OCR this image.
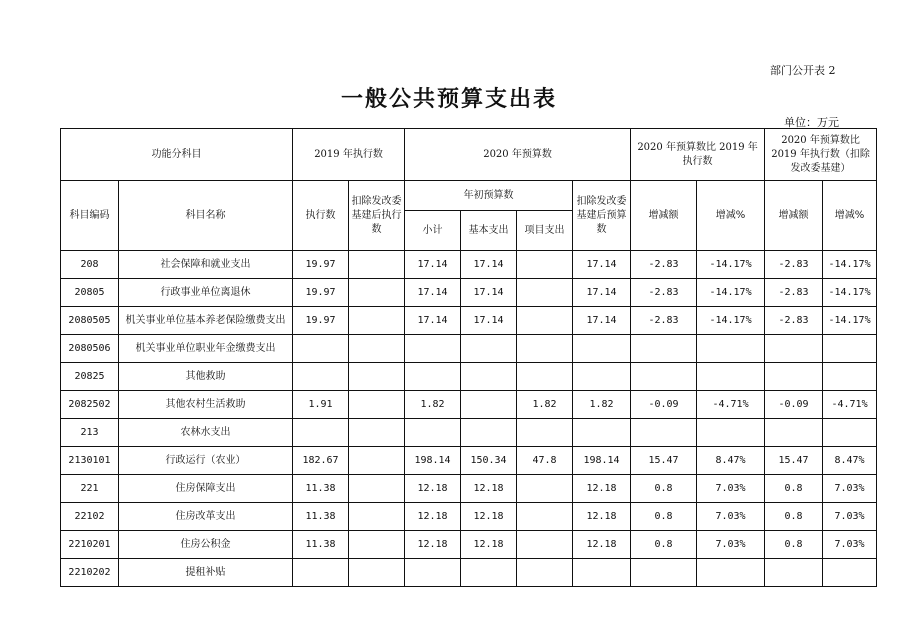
部门公开表 2
一般公共预算支出表
单位：万元
功能分科目		2019 年执行数		2020 年预算数				2020 年预算数比 2019 年执行数		2020 年预算数比 2019 年执行数（扣除发改委基建）	
科目编码	科目名称	执行数	扣除发改委基建后执行数	年初预算数			扣除发改委基建后预算数	增减额	增减%	增减额	增减%
				小计	基本支出	项目支出					
208	社会保障和就业支出	19.97		17.14	17.14		17.14	-2.83	-14.17%	-2.83	-14.17%
20805	行政事业单位离退休	19.97		17.14	17.14		17.14	-2.83	-14.17%	-2.83	-14.17%
2080505	机关事业单位基本养老保险缴费支出	19.97		17.14	17.14		17.14	-2.83	-14.17%	-2.83	-14.17%
2080506	机关事业单位职业年金缴费支出										
20825	其他救助										
2082502	其他农村生活救助	1.91		1.82		1.82	1.82	-0.09	-4.71%	-0.09	-4.71%
213	农林水支出										
2130101	行政运行（农业）	182.67		198.14	150.34	47.8	198.14	15.47	8.47%	15.47	8.47%
221	住房保障支出	11.38		12.18	12.18		12.18	0.8	7.03%	0.8	7.03%
22102	住房改革支出	11.38		12.18	12.18		12.18	0.8	7.03%	0.8	7.03%
2210201	住房公积金	11.38		12.18	12.18		12.18	0.8	7.03%	0.8	7.03%
2210202	提租补贴										
